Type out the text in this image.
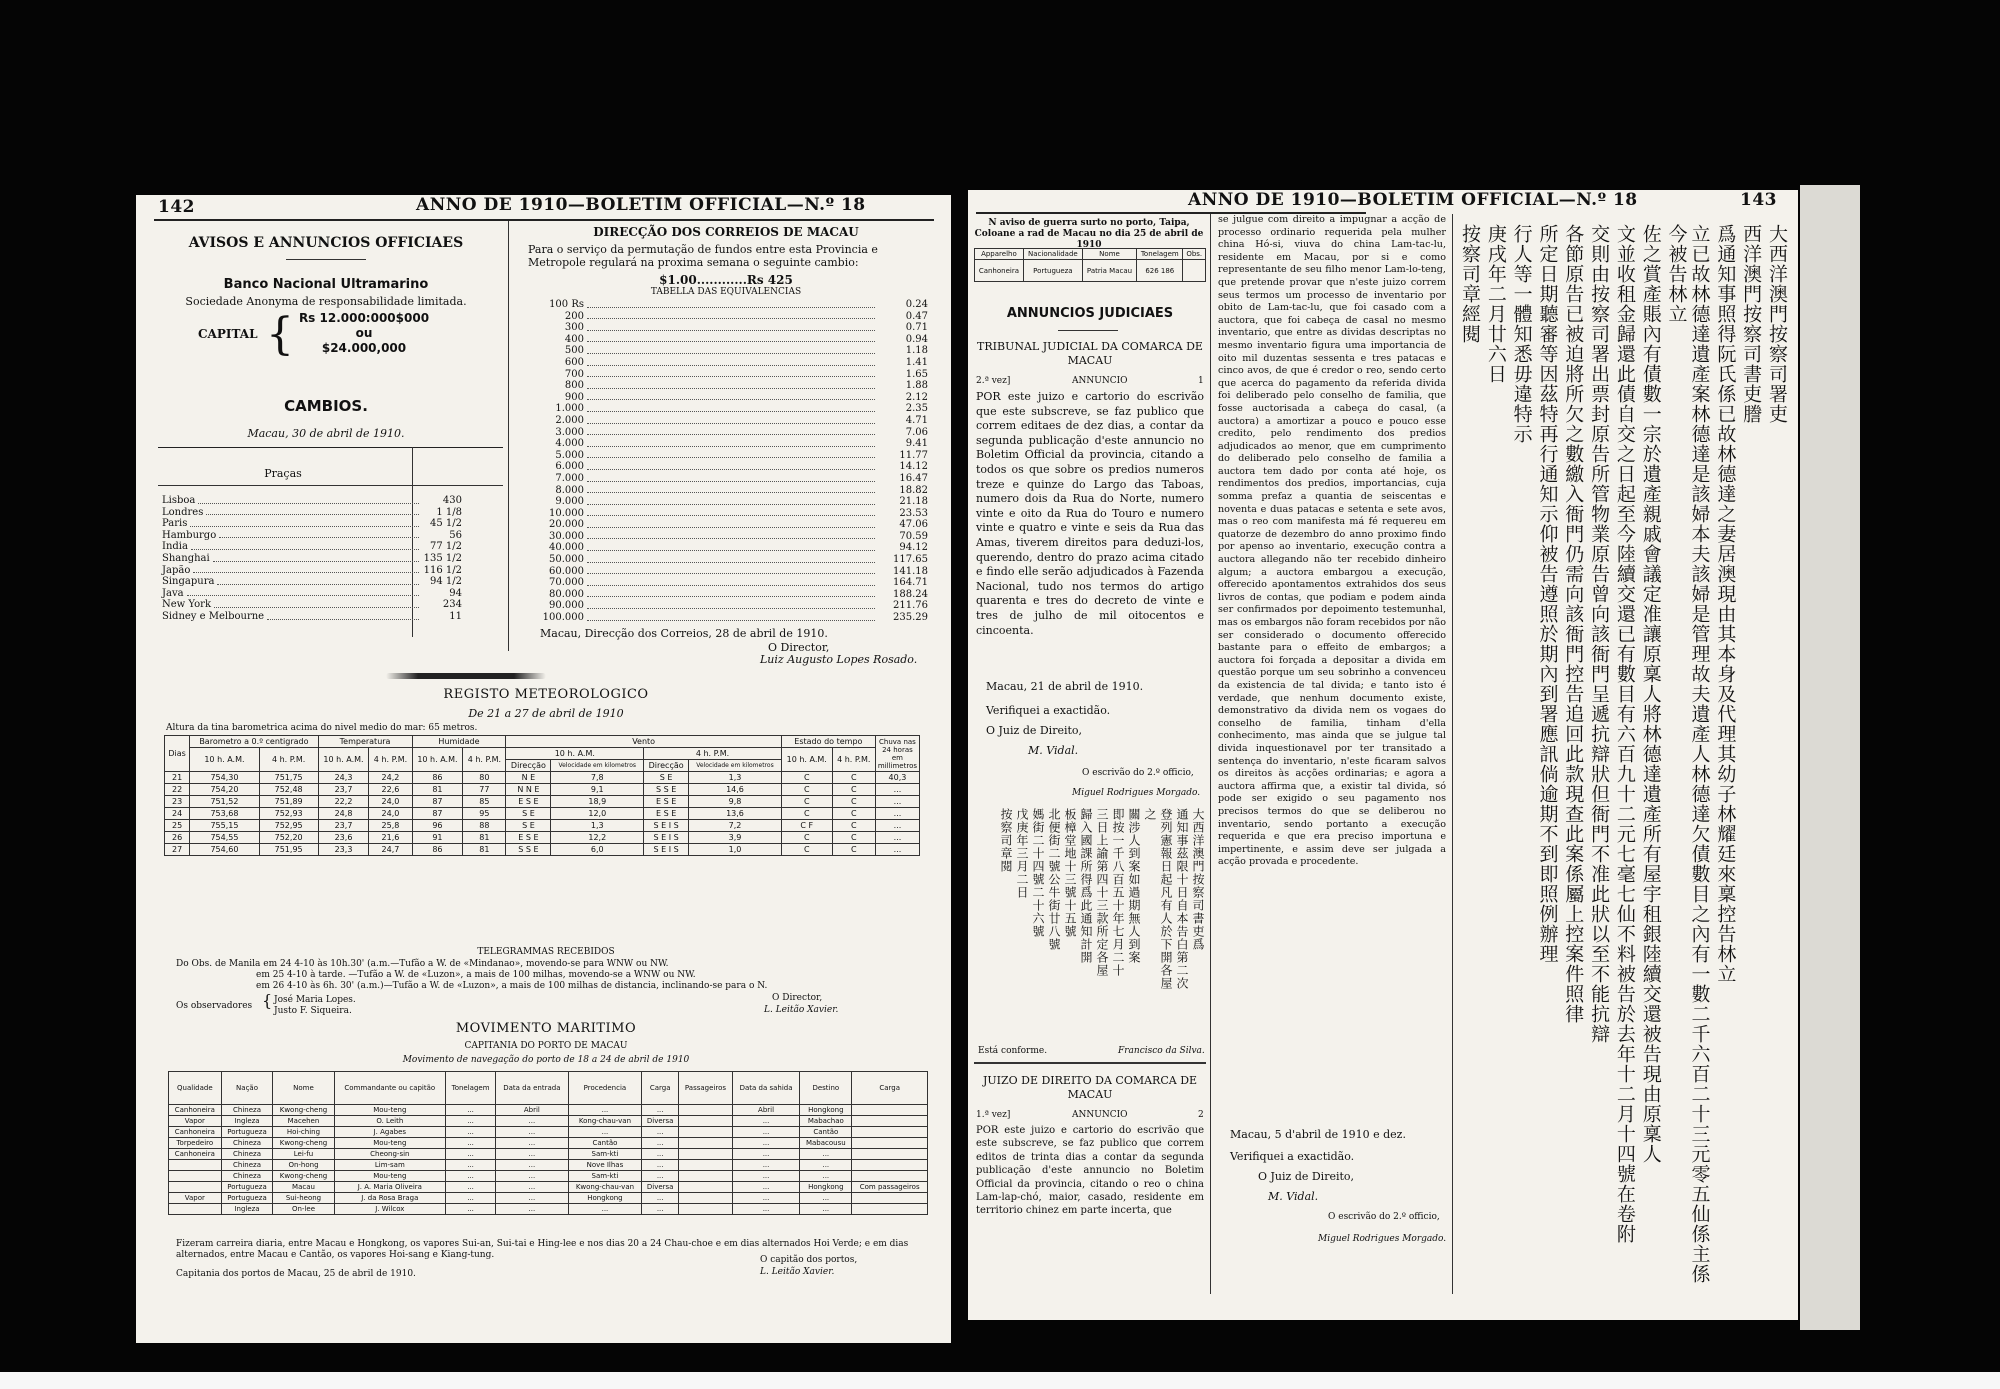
142	ANNO DE 1910—BOLETIM OFFICIAL—N.º 18
AVISOS E ANNUNCIOS OFFICIAES
Banco Nacional Ultramarino
Sociedade Anonyma de responsabilidade limitada.
CAPITAL { Rs 12.000:000$000
ou
$24.000,000
CAMBIOS.
Macau, 30 de abril de 1910.
Praças
Lisboa	430
Londres	1 1/8
Paris	45 1/2
Hamburgo	56
India	77 1/2
Shanghai	135 1/2
Japão	116 1/2
Singapura	94 1/2
Java	94
New York	234
Sidney e Melbourne	11
DIRECÇÃO DOS CORREIOS DE MACAU
Para o serviço da permutação de fundos entre esta Provincia e Metropole regulará na proxima semana o seguinte cambio:
$1.00............Rs 425
TABELLA DAS EQUIVALENCIAS
100 Rs	0.24
200	0.47
300	0.71
400	0.94
500	1.18
600	1.41
700	1.65
800	1.88
900	2.12
1.000	2.35
2.000	4.71
3.000	7.06
4.000	9.41
5.000	11.77
6.000	14.12
7.000	16.47
8.000	18.82
9.000	21.18
10.000	23.53
20.000	47.06
30.000	70.59
40.000	94.12
50.000	117.65
60.000	141.18
70.000	164.71
80.000	188.24
90.000	211.76
100.000	235.29
Macau, Direcção dos Correios, 28 de abril de 1910.
O Director,
Luiz Augusto Lopes Rosado.
REGISTO METEOROLOGICO
De 21 a 27 de abril de 1910
Altura da tina barometrica acima do nivel medio do mar: 65 metros.
Dias	Barometro a 0.º centigrado		Temperatura		Humidade		Vento				Estado do tempo		Chuva nas 24 horas em millimetros
	10 h. A.M.	4 h. P.M.	10 h. A.M.	4 h. P.M.	10 h. A.M.	4 h. P.M.	10 h. A.M.		4 h. P.M.		10 h. A.M.	4 h. P.M.	
							Direcção	Velocidade em kilometros	Direcção	Velocidade em kilometros			
21	754,30	751,75	24,3	24,2	86	80	N E	7,8	S E	1,3	C	C	40,3
22	754,20	752,48	23,7	22,6	81	77	N N E	9,1	S S E	14,6	C	C	...
23	751,52	751,89	22,2	24,0	87	85	E S E	18,9	E S E	9,8	C	C	...
24	753,68	752,93	24,8	24,0	87	95	S E	12,0	E S E	13,6	C	C	...
25	755,15	752,95	23,7	25,8	96	88	S E	1,3	S E I S	7,2	C F	C	...
26	754,55	752,20	23,6	21,6	91	81	E S E	12,2	S E I S	3,9	C	C	...
27	754,60	751,95	23,3	24,7	86	81	S S E	6,0	S E I S	1,0	C	C	...
TELEGRAMMAS RECEBIDOS
Do Obs. de Manila em 24 4-10 às 10h.30' (a.m.—Tufão a W. de «Mindanao», movendo-se para WNW ou NW.
em 25 4-10 à tarde. —Tufão a W. de «Luzon», a mais de 100 milhas, movendo-se a WNW ou NW.
em 26 4-10 às 6h. 30' (a.m.)—Tufão a W. de «Luzon», a mais de 100 milhas de distancia, inclinando-se para o N.
Os observadores { José Maria Lopes.
Justo F. Siqueira.
O Director,
L. Leitão Xavier.
MOVIMENTO MARITIMO
CAPITANIA DO PORTO DE MACAU
Movimento de navegação do porto de 18 a 24 de abril de 1910
Qualidade	Nação	Nome	Commandante ou capitão	Tonelagem	Data da entrada	Procedencia	Carga	Passageiros	Data da sahida	Destino	Carga
Canhoneira	Chineza	Kwong-cheng	Mou-teng	...	Abril	...	...		Abril	Hongkong	
Vapor	Ingleza	Macehen	O. Leith	...	...	Kong-chau-van	Diversa		...	Mabachao	
Canhoneira	Portugueza	Hoi-ching	J. Agabes	...	...	...	...		...	Cantão	
Torpedeiro	Chineza	Kwong-cheng	Mou-teng	...	...	Cantão	...		...	Mabacousu	
Canhoneira	Chineza	Lei-fu	Cheong-sin	...	...	Sam-kti	...		...	...	
	Chineza	On-hong	Lim-sam	...	...	Nove Ilhas	...		...	...	
	Chineza	Kwong-cheng	Mou-teng	...	...	Sam-kti	...		...	...	
	Portugueza	Macau	J. A. Maria Oliveira	...	...	Kwong-chau-van	Diversa		...	Hongkong	Com passageiros
Vapor	Portugueza	Sui-heong	J. da Rosa Braga	...	...	Hongkong	...		...	...	
	Ingleza	On-lee	J. Wilcox	...	...	...	...		...	...	
Fizeram carreira diaria, entre Macau e Hongkong, os vapores Sui-an, Sui-tai e Hing-lee e nos dias 20 a 24 Chau-choe e em dias alternados Hoi Verde; e em dias alternados, entre Macau e Cantão, os vapores Hoi-sang e Kiang-tung.
Capitania dos portos de Macau, 25 de abril de 1910.
O capitão dos portos,
L. Leitão Xavier.
ANNO DE 1910—BOLETIM OFFICIAL—N.º 18	143
N aviso de guerra surto no porto, Taipa, Coloane a rad de Macau no dia 25 de abril de 1910
Apparelho	Nacionalidade	Nome	Tonelagem	Obs.
Canhoneira	Portugueza	Patria Macau	626 186	
ANNUNCIOS JUDICIAES
TRIBUNAL JUDICIAL DA COMARCA DE MACAU
2.ª vez]	ANNUNCIO	1
POR este juizo e cartorio do escrivão que este subscreve, se faz publico que correm editaes de dez dias, a contar da segunda publicação d'este annuncio no Boletim Official da provincia, citando a todos os que sobre os predios numeros treze e quinze do Largo das Taboas, numero dois da Rua do Norte, numero vinte e oito da Rua do Touro e numero vinte e quatro e vinte e seis da Rua das Amas, tiverem direitos para deduzi-los, querendo, dentro do prazo acima citado e findo elle serão adjudicados à Fazenda Nacional, tudo nos termos do artigo quarenta e tres do decreto de vinte e tres de julho de mil oitocentos e cincoenta.
Macau, 21 de abril de 1910.
Verifiquei a exactidão.
O Juiz de Direito,
M. Vidal.
O escrivão do 2.º officio,
Miguel Rodrigues Morgado.
大西洋澳門按察司書吏爲
通知事茲限十日自本告白第二次
登列憲報日起凡有人於下開各屋之
關涉人到案如過期無人到案
即按一千八百五十年七月二十
三日上諭第四十三款所定各屋
歸入國課所得爲此通知計開
板樟堂地十三號十五號
北便街二號公牛街廿八號
媽街二十四號二十六號
戊庚年三月二日
按察司章閱
Está conforme.	Francisco da Silva.
JUIZO DE DIREITO DA COMARCA DE MACAU
1.ª vez]	ANNUNCIO	2
POR este juizo e cartorio do escrivão que este subscreve, se faz publico que correm editos de trinta dias a contar da segunda publicação d'este annuncio no Boletim Official da provincia, citando o reo o china Lam-lap-chó, maior, casado, residente em territorio chinez em parte incerta, que
se julgue com direito a impugnar a acção de processo ordinario requerida pela mulher china Hó-si, viuva do china Lam-tac-lu, residente em Macau, por si e como representante de seu filho menor Lam-lo-teng, que pretende provar que n'este juizo correm seus termos um processo de inventario por obito de Lam-tac-lu, que foi casado com a auctora, que foi cabeça de casal no mesmo inventario, que entre as dividas descriptas no mesmo inventario figura uma importancia de oito mil duzentas sessenta e tres patacas e cinco avos, de que é credor o reo, sendo certo que acerca do pagamento da referida divida foi deliberado pelo conselho de familia, que fosse auctorisada a cabeça do casal, (a auctora) a amortizar a pouco e pouco esse credito, pelo rendimento dos predios adjudicados ao menor, que em cumprimento do deliberado pelo conselho de familia a auctora tem dado por conta até hoje, os rendimentos dos predios, importancias, cuja somma prefaz a quantia de seiscentas e noventa e duas patacas e setenta e sete avos, mas o reo com manifesta má fé requereu em quatorze de dezembro do anno proximo findo por apenso ao inventario, execução contra a auctora allegando não ter recebido dinheiro algum; a auctora embargou a execução, offerecido apontamentos extrahidos dos seus livros de contas, que podiam e podem ainda ser confirmados por depoimento testemunhal, mas os embargos não foram recebidos por não ser considerado o documento offerecido bastante para o effeito de embargos; a auctora foi forçada a depositar a divida em questão porque um seu sobrinho a convenceu da existencia de tal divida; e tanto isto é verdade, que nenhum documento existe, demonstrativo da divida nem os vogaes do conselho de familia, tinham d'ella conhecimento, mas ainda que se julgue tal divida inquestionavel por ter transitado a sentença do inventario, n'este ficaram salvos os direitos às acções ordinarias; e agora a auctora affirma que, a existir tal divida, só pode ser exigido o seu pagamento nos precisos termos do que se deliberou no inventario, sendo portanto a execução requerida e que era preciso importuna e impertinente, e assim deve ser julgada a acção provada e procedente.
Macau, 5 d'abril de 1910 e dez.
Verifiquei a exactidão.
O Juiz de Direito,
M. Vidal.
O escrivão do 2.º officio,
Miguel Rodrigues Morgado.
大西洋澳門按察司署吏
西洋澳門按察司書吏謄
爲通知事照得阮氏係已故林德達之妻居澳現由其本身及代理其幼子林耀廷來稟控告林立
立已故林德達遺產案林德達是該婦本夫該婦是管理故夫遺產人林德達欠債數目之內有一數二千六百二十三元零五仙係主係今被告林立
佐之賞產賬內有債數一宗於遺產親戚會議定准讓原稟人將林德達遺產所有屋宇租銀陸續交還被告現由原稟人
文並收租金歸還此債自交之日起至今陸續交還已有數目有六百九十二元七毫七仙不料被告於去年十二月十四號在卷附
交則由按察司署出票封原告所管物業原告曾向該衙門呈遞抗辯狀但衙門不准此狀以至不能抗辯
各節原告已被迫將所欠之數繳入衙門仍需向該衙門控告追回此款現查此案係屬上控案件照律
所定日期聽審等因茲特再行通知示仰被告遵照於期內到署應訊倘逾期不到即照例辦理
行人等一體知悉毋違特示
庚戌年二月廿六日
按察司章經閱
